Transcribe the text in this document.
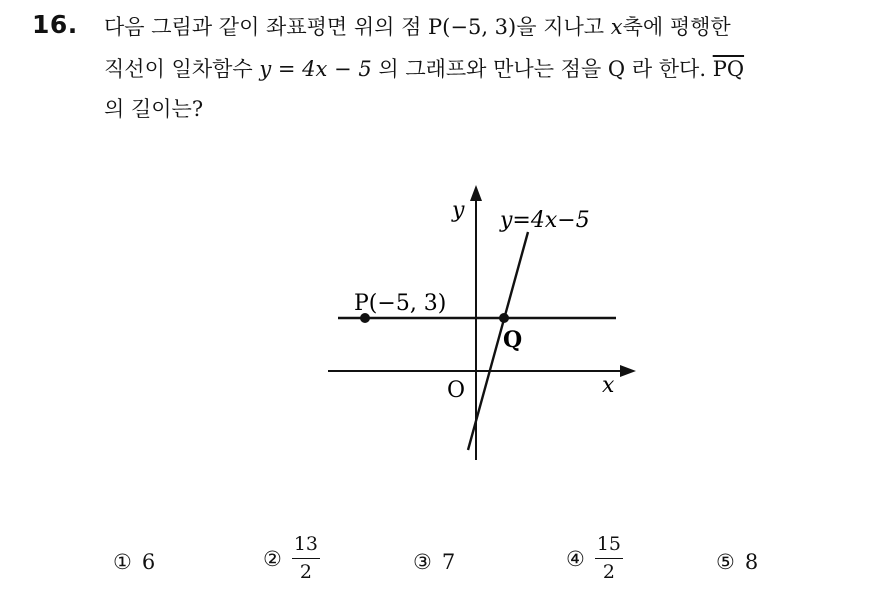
16. 다음 그림과 같이 좌표평면 위의 점 P(−5, 3)을 지나고 x축에 평행한
직선이 일차함수 y = 4x − 5 의 그래프와 만나는 점을 Q 라 한다. $\overline{PQ}$
의 길이는?
y
x
O
y=4x−5
P(−5, 3)
Q
① 6	② $\frac{13}{2}$	③ 7	④ $\frac{15}{2}$	⑤ 8
